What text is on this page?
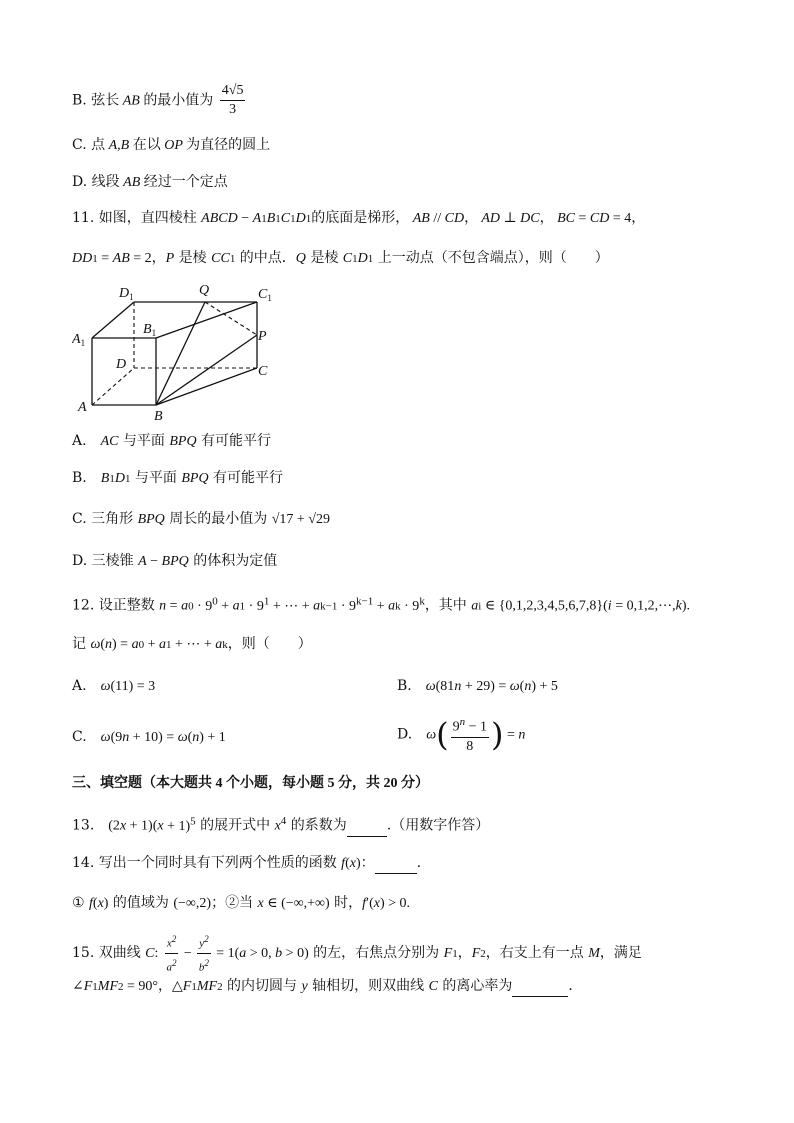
B. 弦长 AB 的最小值为 $\frac{4√5}{3}$
C. 点 A,B 在以 OP 为直径的圆上
D. 线段 AB 经过一个定点
11. 如图，直四棱柱 ABCD − A1B1C1D1的底面是梯形， AB // CD， AD ⊥ DC， BC = CD = 4，
DD1 = AB = 2，P 是棱 CC1 的中点．Q 是棱 C1D1 上一动点（不包含端点），则（　　）
$D_1$	Q	$C_1$
$A_1$
$B_1$	P
D	C
A
B
A.　AC 与平面 BPQ 有可能平行
B.　B1D1 与平面 BPQ 有可能平行
C. 三角形 BPQ 周长的最小值为 √17 + √29
D. 三棱锥 A − BPQ 的体积为定值
12. 设正整数 $n = a0 \cdot 9^0 + a1 \cdot 9^1$ + ⋯ + $ak-1 \cdot 9^{k-1}$ + ak · $9^k$，其中 ai ∈ {0,1,2,3,4,5,6,7,8}(i = 0,1,2,⋯,k).
记 ω(n) = a0 + a1 + ⋯ + ak，则（　　）
A.　ω(11) = 3	B.　ω(81n + 29) = ω(n) + 5
C.　ω(9n + 10) = ω(n) + 1	D.　$\omega( \frac{9^n - 1}{8}$ ) = n
三、填空题（本大题共 4 个小题，每小题 5 分，共 20 分）
13.　$(2x + 1)(x + 1)^5$ 的展开式中 $x^4$ 的系数为	.（用数字作答）
14. 写出一个同时具有下列两个性质的函数 f(x)：	.
① f(x) 的值域为 (−∞,2)；②当 x ∈ (−∞,+∞) 时，f′(x) > 0.
15. 双曲线 C: $\frac{x^2}{a^2} - \frac{y^2}{b^2} = 1(a > 0$, b > 0) 的左，右焦点分别为 F1，F2，右支上有一点 M，满足
∠F1MF2 = 90°，△F1MF2 的内切圆与 y 轴相切，则双曲线 C 的离心率为	．
